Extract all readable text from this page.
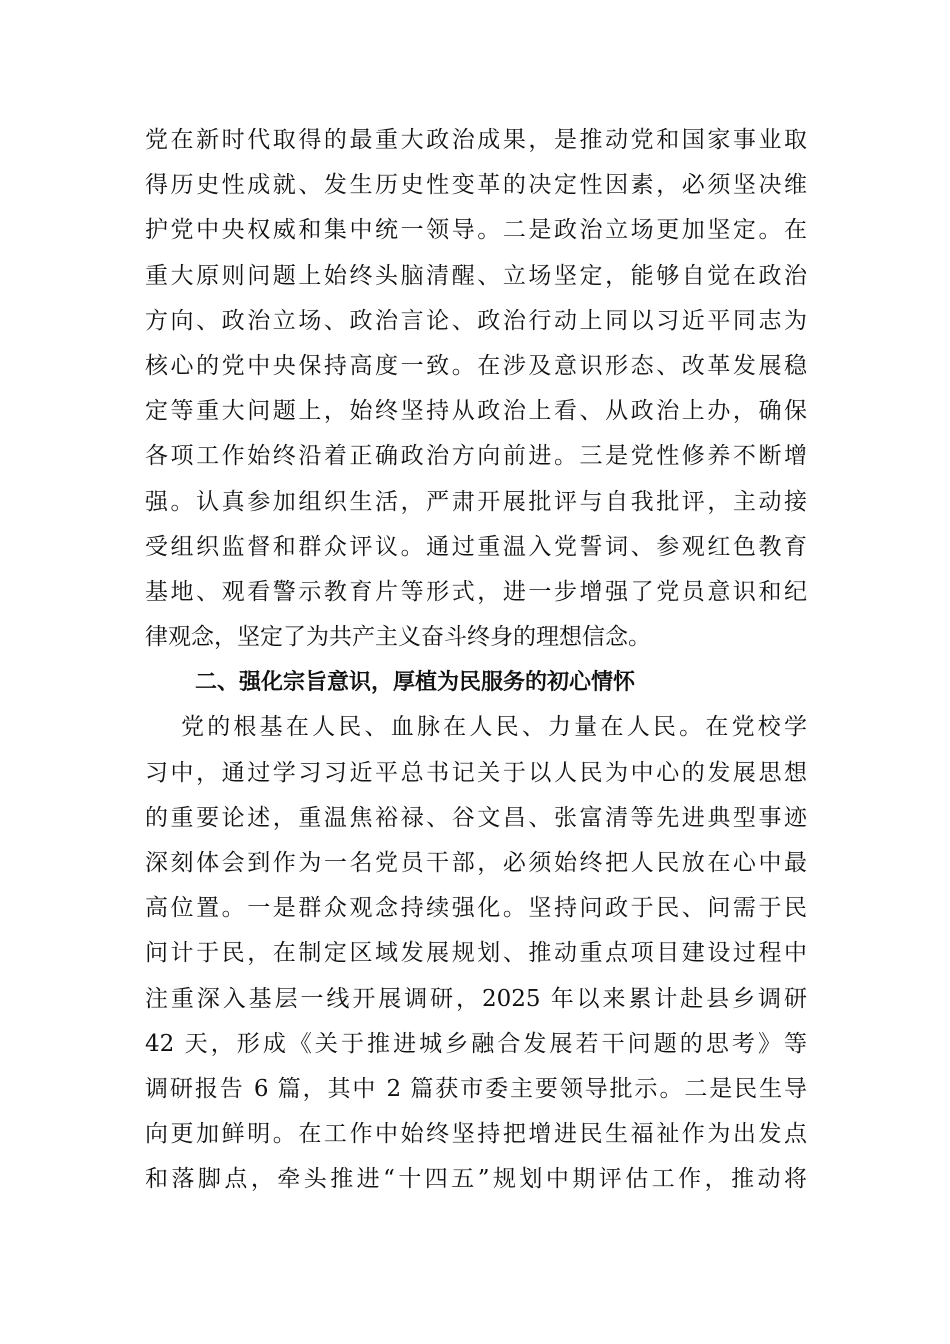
党在新时代取得的最重大政治成果，是推动党和国家事业取
得历史性成就、发生历史性变革的决定性因素，必须坚决维
护党中央权威和集中统一领导。二是政治立场更加坚定。在
重大原则问题上始终头脑清醒、立场坚定，能够自觉在政治
方向、政治立场、政治言论、政治行动上同以习近平同志为
核心的党中央保持高度一致。在涉及意识形态、改革发展稳
定等重大问题上，始终坚持从政治上看、从政治上办，确保
各项工作始终沿着正确政治方向前进。三是党性修养不断增
强。认真参加组织生活，严肃开展批评与自我批评，主动接
受组织监督和群众评议。通过重温入党誓词、参观红色教育
基地、观看警示教育片等形式，进一步增强了党员意识和纪
律观念，坚定了为共产主义奋斗终身的理想信念。
二、强化宗旨意识，厚植为民服务的初心情怀
党的根基在人民、血脉在人民、力量在人民。在党校学
习中，通过学习习近平总书记关于以人民为中心的发展思想
的重要论述，重温焦裕禄、谷文昌、张富清等先进典型事迹
深刻体会到作为一名党员干部，必须始终把人民放在心中最
高位置。一是群众观念持续强化。坚持问政于民、问需于民
问计于民，在制定区域发展规划、推动重点项目建设过程中
注重深入基层一线开展调研，2025 年以来累计赴县乡调研
42 天，形成《关于推进城乡融合发展若干问题的思考》等
调研报告 6 篇，其中 2 篇获市委主要领导批示。二是民生导
向更加鲜明。在工作中始终坚持把增进民生福祉作为出发点
和落脚点，牵头推进“十四五”规划中期评估工作，推动将
